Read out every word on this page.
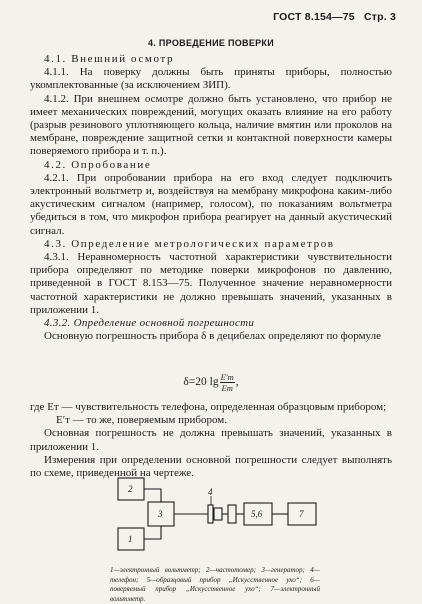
ГОСТ 8.154—75 Стр. 3
4. ПРОВЕДЕНИЕ ПОВЕРКИ

4.1. Внешний осмотр

4.1.1. На поверку должны быть приняты приборы, полностью укомплектованные (за исключением ЗИП).

4.1.2. При внешнем осмотре должно быть установлено, что прибор не имеет механических повреждений, могущих оказать влияние на его работу (разрыв резинового уплотняющего кольца, наличие вмятин или проколов на мембране, повреждение защитной сетки и контактной поверхности камеры поверяемого прибора и т. п.).

4.2. Опробование

4.2.1. При опробовании прибора на его вход следует подключить электронный вольтметр и, воздействуя на мембрану микрофона каким-либо акустическим сигналом (например, голосом), по показаниям вольтметра убедиться в том, что микрофон прибора реагирует на данный акустический сигнал.

4.3. Определение метрологических параметров

4.3.1. Неравномерность частотной характеристики чувствительности прибора определяют по методике поверки микрофонов по давлению, приведенной в ГОСТ 8.153—75. Полученное значение неравномерности частотной характеристики не должно превышать значений, указанных в приложении 1.

4.3.2. Определение основной погрешности

Основную погрешность прибора δ в децибелах определяют по формуле

δ=20 $\lg \frac{E'т}{Eт}$ ,

где Eт — чувствительность телефона, определенная образцовым прибором;

E′т — то же, поверяемым прибором.

Основная погрешность не должна превышать значений, указанных в приложении 1.

Измерения при определении основной погрешности следует выполнять по схеме, приведенной на чертеже.

2
1
3
4
5,6	7
1—электронный вольтметр; 2—частотомер; 3—генератор; 4—телефон; 5—образцовый прибор „Искусственное ухо“; 6—поверяемый прибор „Искусственное ухо“; 7—электронный вольтметр.
